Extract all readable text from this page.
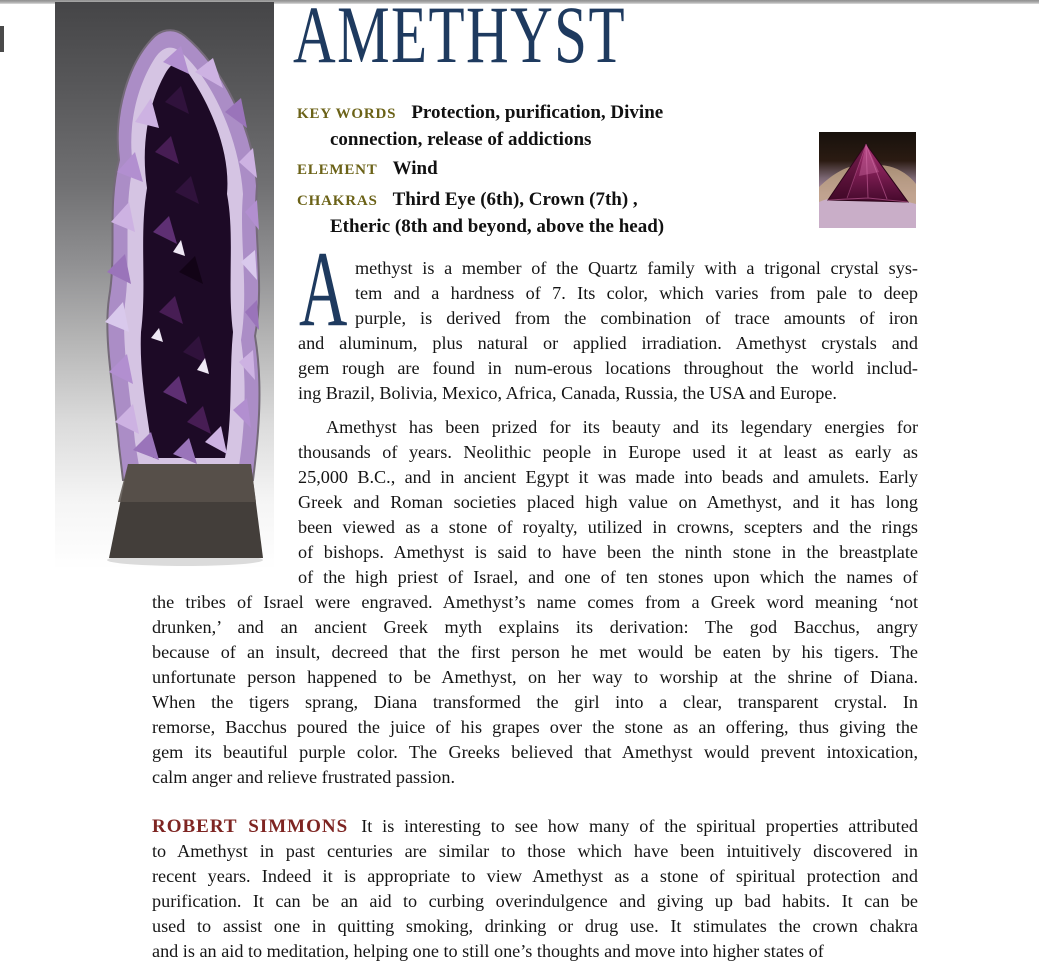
AMETHYST
KEY WORDS Protection, purification, Divine
connection, release of addictions
ELEMENT Wind
CHAKRAS Third Eye (6th), Crown (7th) ,
Etheric (8th and beyond, above the head)
A methyst is a member of the Quartz family with a trigonal crystal sys-
tem and a hardness of 7. Its color, which varies from pale to deep
purple, is derived from the combination of trace amounts of iron
and aluminum, plus natural or applied irradiation. Amethyst crystals and
gem rough are found in num-erous locations throughout the world includ-
ing Brazil, Bolivia, Mexico, Africa, Canada, Russia, the USA and Europe.
Amethyst has been prized for its beauty and its legendary energies for
thousands of years. Neolithic people in Europe used it at least as early as
25,000 B.C., and in ancient Egypt it was made into beads and amulets. Early
Greek and Roman societies placed high value on Amethyst, and it has long
been viewed as a stone of royalty, utilized in crowns, scepters and the rings
of bishops. Amethyst is said to have been the ninth stone in the breastplate
of the high priest of Israel, and one of ten stones upon which the names of
the tribes of Israel were engraved. Amethyst’s name comes from a Greek word meaning ‘not
drunken,’ and an ancient Greek myth explains its derivation: The god Bacchus, angry
because of an insult, decreed that the first person he met would be eaten by his tigers. The
unfortunate person happened to be Amethyst, on her way to worship at the shrine of Diana.
When the tigers sprang, Diana transformed the girl into a clear, transparent crystal. In
remorse, Bacchus poured the juice of his grapes over the stone as an offering, thus giving the
gem its beautiful purple color. The Greeks believed that Amethyst would prevent intoxication,
calm anger and relieve frustrated passion.
ROBERT SIMMONS It is interesting to see how many of the spiritual properties attributed
to Amethyst in past centuries are similar to those which have been intuitively discovered in
recent years. Indeed it is appropriate to view Amethyst as a stone of spiritual protection and
purification. It can be an aid to curbing overindulgence and giving up bad habits. It can be
used to assist one in quitting smoking, drinking or drug use. It stimulates the crown chakra
and is an aid to meditation, helping one to still one’s thoughts and move into higher states of
